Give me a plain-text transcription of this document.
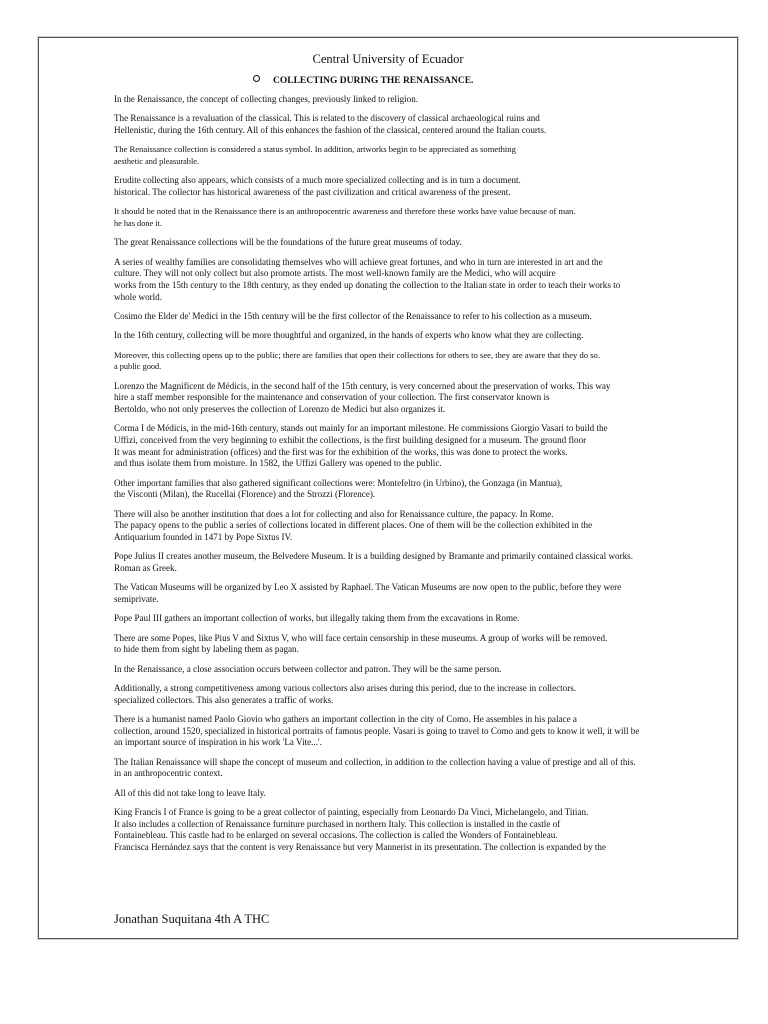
Central University of Ecuador
COLLECTING DURING THE RENAISSANCE.
In the Renaissance, the concept of collecting changes, previously linked to religion.
The Renaissance is a revaluation of the classical. This is related to the discovery of classical archaeological ruins and
Hellenistic, during the 16th century. All of this enhances the fashion of the classical, centered around the Italian courts.
The Renaissance collection is considered a status symbol. In addition, artworks begin to be appreciated as something
aesthetic and pleasurable.
Erudite collecting also appears, which consists of a much more specialized collecting and is in turn a document.
historical. The collector has historical awareness of the past civilization and critical awareness of the present.
It should be noted that in the Renaissance there is an anthropocentric awareness and therefore these works have value because of man.
he has done it.
The great Renaissance collections will be the foundations of the future great museums of today.
A series of wealthy families are consolidating themselves who will achieve great fortunes, and who in turn are interested in art and the
culture. They will not only collect but also promote artists. The most well-known family are the Medici, who will acquire
works from the 15th century to the 18th century, as they ended up donating the collection to the Italian state in order to teach their works to
whole world.
Cosimo the Elder de' Medici in the 15th century will be the first collector of the Renaissance to refer to his collection as a museum.
In the 16th century, collecting will be more thoughtful and organized, in the hands of experts who know what they are collecting.
Moreover, this collecting opens up to the public; there are families that open their collections for others to see, they are aware that they do so.
a public good.
Lorenzo the Magnificent de Médicis, in the second half of the 15th century, is very concerned about the preservation of works. This way
hire a staff member responsible for the maintenance and conservation of your collection. The first conservator known is
Bertoldo, who not only preserves the collection of Lorenzo de Medici but also organizes it.
Corma I de Médicis, in the mid-16th century, stands out mainly for an important milestone. He commissions Giorgio Vasari to build the
Uffizi, conceived from the very beginning to exhibit the collections, is the first building designed for a museum. The ground floor
It was meant for administration (offices) and the first was for the exhibition of the works, this was done to protect the works.
and thus isolate them from moisture. In 1582, the Uffizi Gallery was opened to the public.
Other important families that also gathered significant collections were: Montefeltro (in Urbino), the Gonzaga (in Mantua),
the Visconti (Milan), the Rucellai (Florence) and the Strozzi (Florence).
There will also be another institution that does a lot for collecting and also for Renaissance culture, the papacy. In Rome.
The papacy opens to the public a series of collections located in different places. One of them will be the collection exhibited in the
Antiquarium founded in 1471 by Pope Sixtus IV.
Pope Julius II creates another museum, the Belvedere Museum. It is a building designed by Bramante and primarily contained classical works.
Roman as Greek.
The Vatican Museums will be organized by Leo X assisted by Raphael. The Vatican Museums are now open to the public, before they were
semiprivate.
Pope Paul III gathers an important collection of works, but illegally taking them from the excavations in Rome.
There are some Popes, like Pius V and Sixtus V, who will face certain censorship in these museums. A group of works will be removed.
to hide them from sight by labeling them as pagan.
In the Renaissance, a close association occurs between collector and patron. They will be the same person.
Additionally, a strong competitiveness among various collectors also arises during this period, due to the increase in collectors.
specialized collectors. This also generates a traffic of works.
There is a humanist named Paolo Giovio who gathers an important collection in the city of Como. He assembles in his palace a
collection, around 1520, specialized in historical portraits of famous people. Vasari is going to travel to Como and gets to know it well, it will be
an important source of inspiration in his work 'La Vite...'.
The Italian Renaissance will shape the concept of museum and collection, in addition to the collection having a value of prestige and all of this.
in an anthropocentric context.
All of this did not take long to leave Italy.
King Francis I of France is going to be a great collector of painting, especially from Leonardo Da Vinci, Michelangelo, and Titian.
It also includes a collection of Renaissance furniture purchased in northern Italy. This collection is installed in the castle of
Fontainebleau. This castle had to be enlarged on several occasions. The collection is called the Wonders of Fontainebleau.
Francisca Hernández says that the content is very Renaissance but very Mannerist in its presentation. The collection is expanded by the
Jonathan Suquitana 4th A THC
